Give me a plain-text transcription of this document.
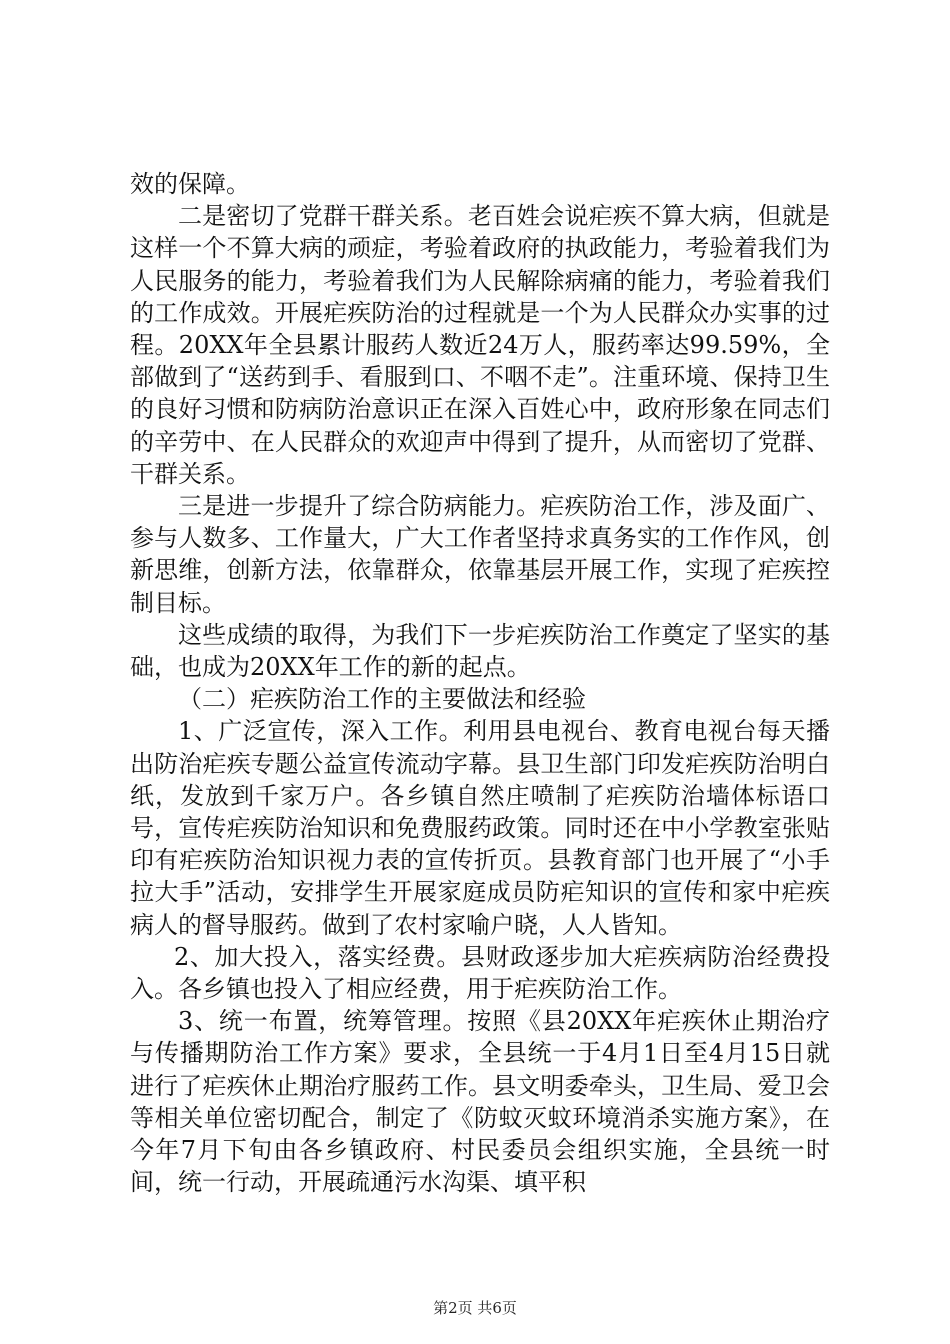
效的保障。

二是密切了党群干群关系。老百姓会说疟疾不算大病，但就是这样一个不算大病的顽症，考验着政府的执政能力，考验着我们为人民服务的能力，考验着我们为人民解除病痛的能力，考验着我们的工作成效。开展疟疾防治的过程就是一个为人民群众办实事的过程。20XX年全县累计服药人数近24万人，服药率达99.59%，全部做到了“送药到手、看服到口、不咽不走”。注重环境、保持卫生的良好习惯和防病防治意识正在深入百姓心中，政府形象在同志们的辛劳中、在人民群众的欢迎声中得到了提升，从而密切了党群、干群关系。

三是进一步提升了综合防病能力。疟疾防治工作，涉及面广、参与人数多、工作量大，广大工作者坚持求真务实的工作作风，创新思维，创新方法，依靠群众，依靠基层开展工作，实现了疟疾控制目标。

这些成绩的取得，为我们下一步疟疾防治工作奠定了坚实的基础，也成为20XX年工作的新的起点。

（二）疟疾防治工作的主要做法和经验

1、广泛宣传，深入工作。利用县电视台、教育电视台每天播出防治疟疾专题公益宣传流动字幕。县卫生部门印发疟疾防治明白纸，发放到千家万户。各乡镇自然庄喷制了疟疾防治墙体标语口号，宣传疟疾防治知识和免费服药政策。同时还在中小学教室张贴印有疟疾防治知识视力表的宣传折页。县教育部门也开展了“小手拉大手”活动，安排学生开展家庭成员防疟知识的宣传和家中疟疾病人的督导服药。做到了农村家喻户晓，人人皆知。

2、加大投入，落实经费。县财政逐步加大疟疾病防治经费投入。各乡镇也投入了相应经费，用于疟疾防治工作。

3、统一布置，统筹管理。按照《县20XX年疟疾休止期治疗与传播期防治工作方案》要求，全县统一于4月1日至4月15日就进行了疟疾休止期治疗服药工作。县文明委牵头，卫生局、爱卫会等相关单位密切配合，制定了《防蚊灭蚊环境消杀实施方案》，在今年7月下旬由各乡镇政府、村民委员会组织实施，全县统一时间，统一行动，开展疏通污水沟渠、填平积

第2页 共6页
